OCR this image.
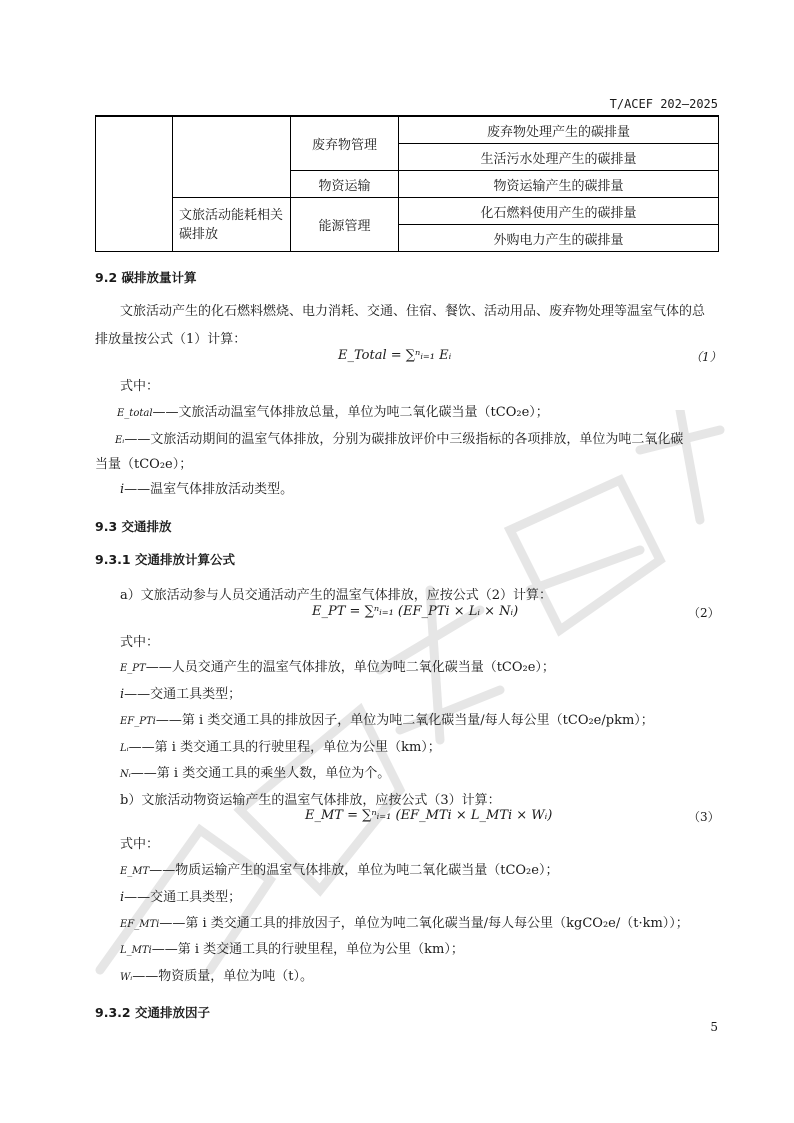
T/ACEF 202—2025
		废弃物管理	废弃物处理产生的碳排量
			生活污水处理产生的碳排量
		物资运输	物资运输产生的碳排量
	文旅活动能耗相关碳排放	能源管理	化石燃料使用产生的碳排量
			外购电力产生的碳排量
9.2 碳排放量计算
文旅活动产生的化石燃料燃烧、电力消耗、交通、住宿、餐饮、活动用品、废弃物处理等温室气体的总
排放量按公式（1）计算：
E_Total = ∑ⁿᵢ₌₁ Eᵢ	（1）
式中：
E_total——文旅活动温室气体排放总量，单位为吨二氧化碳当量（tCO₂e）；
Eᵢ——文旅活动期间的温室气体排放，分别为碳排放评价中三级指标的各项排放，单位为吨二氧化碳
当量（tCO₂e）；
i——温室气体排放活动类型。
9.3 交通排放
9.3.1 交通排放计算公式
a）文旅活动参与人员交通活动产生的温室气体排放，应按公式（2）计算：
E_PT = ∑ⁿᵢ₌₁ (EF_PTi × Lᵢ × Nᵢ)	（2）
式中：
E_PT——人员交通产生的温室气体排放，单位为吨二氧化碳当量（tCO₂e）；
i——交通工具类型；
EF_PTi——第 i 类交通工具的排放因子，单位为吨二氧化碳当量/每人每公里（tCO₂e/pkm）；
Lᵢ——第 i 类交通工具的行驶里程，单位为公里（km）；
Nᵢ——第 i 类交通工具的乘坐人数，单位为个。
b）文旅活动物资运输产生的温室气体排放，应按公式（3）计算：
E_MT = ∑ⁿᵢ₌₁ (EF_MTi × L_MTi × Wᵢ)	（3）
式中：
E_MT——物质运输产生的温室气体排放，单位为吨二氧化碳当量（tCO₂e）；
i——交通工具类型；
EF_MTi——第 i 类交通工具的排放因子，单位为吨二氧化碳当量/每人每公里（kgCO₂e/（t·km））；
L_MTi——第 i 类交通工具的行驶里程，单位为公里（km）；
Wᵢ——物资质量，单位为吨（t）。
9.3.2 交通排放因子
5
